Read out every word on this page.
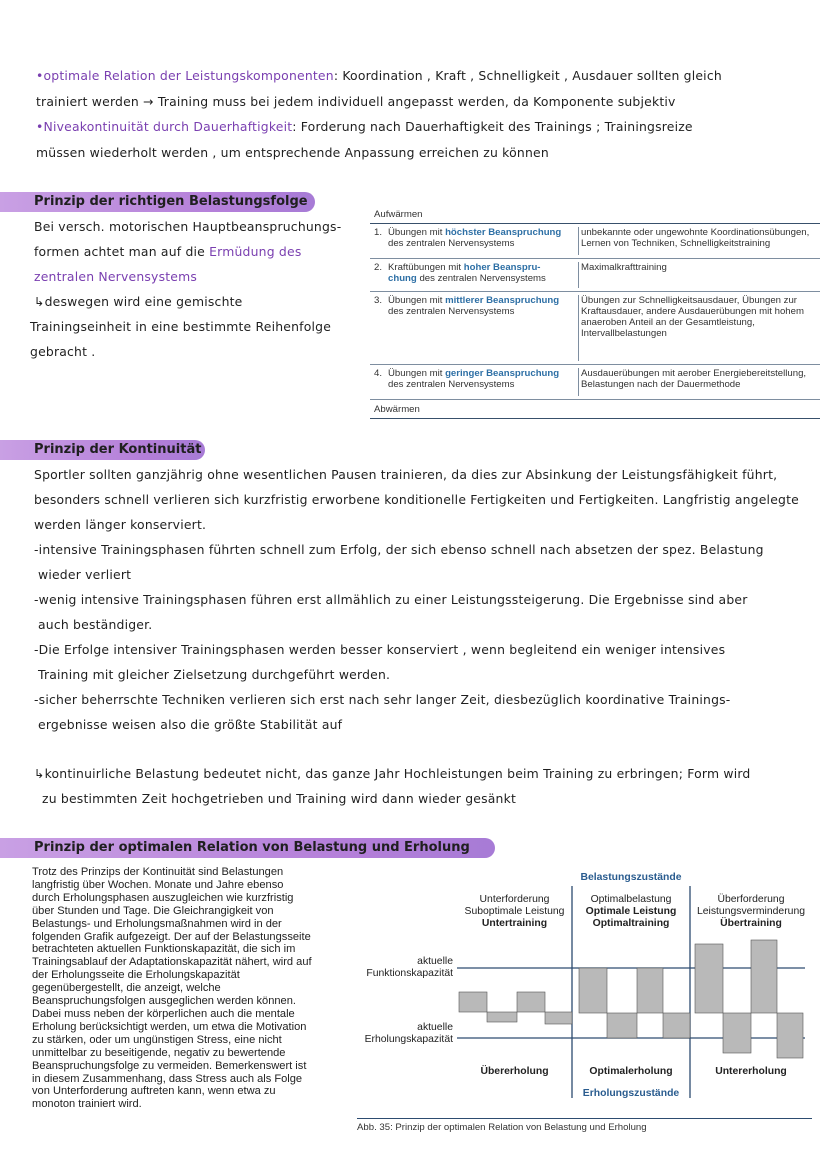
•optimale Relation der Leistungskomponenten: Koordination , Kraft , Schnelligkeit , Ausdauer sollten gleich
trainiert werden → Training muss bei jedem individuell angepasst werden, da Komponente subjektiv
•Niveakontinuität durch Dauerhaftigkeit: Forderung nach Dauerhaftigkeit des Trainings ; Trainingsreize
müssen wiederholt werden , um entsprechende Anpassung erreichen zu können
Prinzip der richtigen Belastungsfolge
Bei versch. motorischen Hauptbeanspruchungs-
formen achtet man auf die Ermüdung des
zentralen Nervensystems
↳deswegen wird eine gemischte
Trainingseinheit in eine bestimmte Reihenfolge
gebracht .
Aufwärmen
1. Übungen mit höchster Beanspruchung
des zentralen Nervensystems
unbekannte oder ungewohnte Koordinationsübungen, Lernen von Techniken, Schnelligkeitstraining
2. Kraftübungen mit hoher Beanspru-
chung des zentralen Nervensystems
Maximalkrafttraining
3. Übungen mit mittlerer Beanspruchung
des zentralen Nervensystems
Übungen zur Schnelligkeitsausdauer, Übungen zur Kraftausdauer, andere Ausdauerübungen mit hohem anaeroben Anteil an der Gesamtleistung, Intervallbelastungen
4. Übungen mit geringer Beanspruchung
des zentralen Nervensystems
Ausdauerübungen mit aerober Energiebereitstellung, Belastungen nach der Dauermethode
Abwärmen
Prinzip der Kontinuität
Sportler sollten ganzjährig ohne wesentlichen Pausen trainieren, da dies zur Absinkung der Leistungsfähigkeit führt,
besonders schnell verlieren sich kurzfristig erworbene konditionelle Fertigkeiten und Fertigkeiten. Langfristig angelegte
werden länger konserviert.
-intensive Trainingsphasen führten schnell zum Erfolg, der sich ebenso schnell nach absetzen der spez. Belastung
wieder verliert
-wenig intensive Trainingsphasen führen erst allmählich zu einer Leistungssteigerung. Die Ergebnisse sind aber
auch beständiger.
-Die Erfolge intensiver Trainingsphasen werden besser konserviert , wenn begleitend ein weniger intensives
Training mit gleicher Zielsetzung durchgeführt werden.
-sicher beherrschte Techniken verlieren sich erst nach sehr langer Zeit, diesbezüglich koordinative Trainings-
ergebnisse weisen also die größte Stabilität auf
↳kontinuirliche Belastung bedeutet nicht, das ganze Jahr Hochleistungen beim Training zu erbringen; Form wird
zu bestimmten Zeit hochgetrieben und Training wird dann wieder gesänkt
Prinzip der optimalen Relation von Belastung und Erholung
Trotz des Prinzips der Kontinuität sind Belastungen
langfristig über Wochen. Monate und Jahre ebenso
durch Erholungsphasen auszugleichen wie kurzfristig
über Stunden und Tage. Die Gleichrangigkeit von
Belastungs- und Erholungsmaßnahmen wird in der
folgenden Grafik aufgezeigt. Der auf der Belastungsseite
betrachteten aktuellen Funktionskapazität, die sich im
Trainingsablauf der Adaptationskapazität nähert, wird auf
der Erholungsseite die Erholungskapazität
gegenübergestellt, die anzeigt, welche
Beanspruchungsfolgen ausgeglichen werden können.
Dabei muss neben der körperlichen auch die mentale
Erholung berücksichtigt werden, um etwa die Motivation
zu stärken, oder um ungünstigen Stress, eine nicht
unmittelbar zu beseitigende, negativ zu bewertende
Beanspruchungsfolge zu vermeiden. Bemerkenswert ist
in diesem Zusammenhang, dass Stress auch als Folge
von Unterforderung auftreten kann, wenn etwa zu
monoton trainiert wird.
Belastungszustände
Unterforderung
Suboptimale Leistung
Untertraining
Optimalbelastung
Optimale Leistung
Optimaltraining
Überforderung
Leistungsverminderung
Übertraining
aktuelle
Funktionskapazität
aktuelle
Erholungskapazität
Übererholung	Optimalerholung	Untererholung
Erholungszustände
Abb. 35: Prinzip der optimalen Relation von Belastung und Erholung
